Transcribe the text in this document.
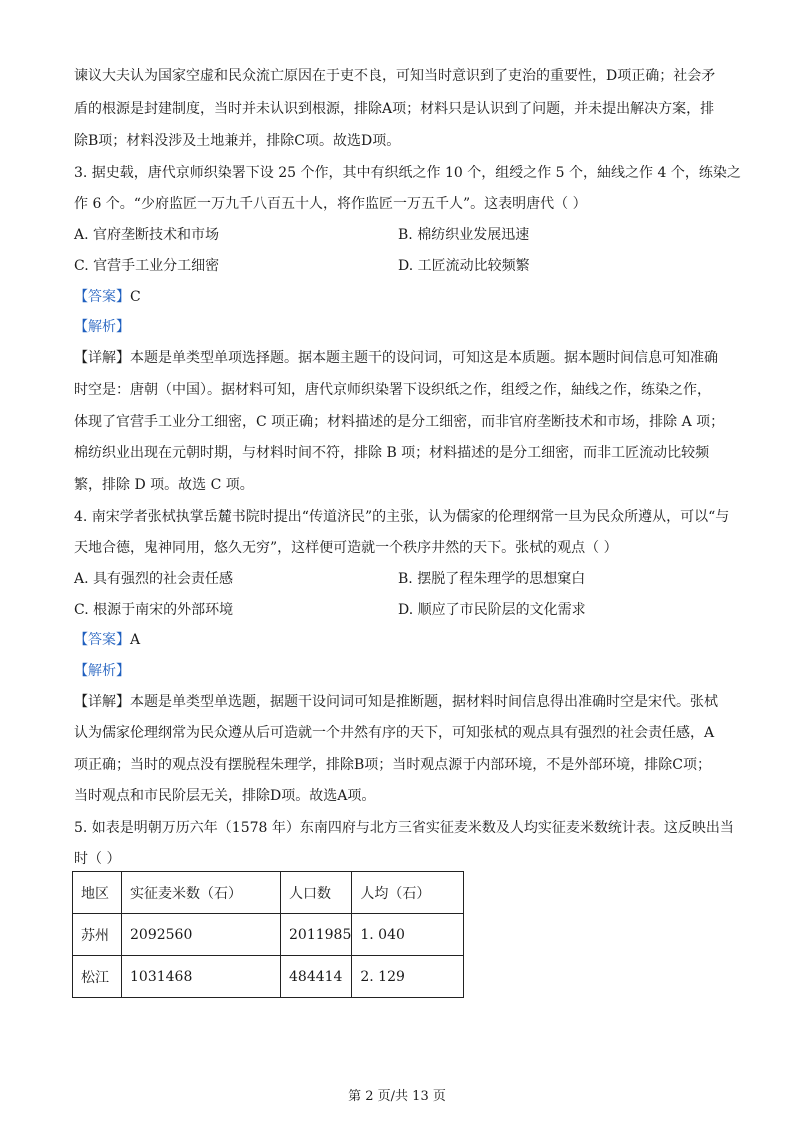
谏议大夫认为国家空虚和民众流亡原因在于吏不良，可知当时意识到了吏治的重要性，D项正确；社会矛
盾的根源是封建制度，当时并未认识到根源，排除A项；材料只是认识到了问题，并未提出解决方案，排
除B项；材料没涉及土地兼并，排除C项。故选D项。
3. 据史载，唐代京师织染署下设 25 个作，其中有织纸之作 10 个，组绶之作 5 个，紬线之作 4 个，练染之
作 6 个。“少府监匠一万九千八百五十人，将作监匠一万五千人”。这表明唐代（ ）
A. 官府垄断技术和市场	B. 棉纺织业发展迅速
C. 官营手工业分工细密	D. 工匠流动比较频繁
【答案】C
【解析】
【详解】本题是单类型单项选择题。据本题主题干的设问词，可知这是本质题。据本题时间信息可知准确
时空是：唐朝（中国）。据材料可知，唐代京师织染署下设织纸之作，组绶之作，紬线之作，练染之作，
体现了官营手工业分工细密，C 项正确；材料描述的是分工细密，而非官府垄断技术和市场，排除 A 项；
棉纺织业出现在元朝时期，与材料时间不符，排除 B 项；材料描述的是分工细密，而非工匠流动比较频
繁，排除 D 项。故选 C 项。
4. 南宋学者张栻执掌岳麓书院时提出“传道济民”的主张，认为儒家的伦理纲常一旦为民众所遵从，可以“与
天地合德，鬼神同用，悠久无穷”，这样便可造就一个秩序井然的天下。张栻的观点（ ）
A. 具有强烈的社会责任感	B. 摆脱了程朱理学的思想窠白
C. 根源于南宋的外部环境	D. 顺应了市民阶层的文化需求
【答案】A
【解析】
【详解】本题是单类型单选题，据题干设问词可知是推断题，据材料时间信息得出准确时空是宋代。张栻
认为儒家伦理纲常为民众遵从后可造就一个井然有序的天下，可知张栻的观点具有强烈的社会责任感，A
项正确；当时的观点没有摆脱程朱理学，排除B项；当时观点源于内部环境，不是外部环境，排除C项；
当时观点和市民阶层无关，排除D项。故选A项。
5. 如表是明朝万历六年（1578 年）东南四府与北方三省实征麦米数及人均实征麦米数统计表。这反映出当
时（ ）
地区	实征麦米数（石）	人口数	人均（石）
苏州	2092560	2011985	1. 040
松江	1031468	484414	2. 129
第 2 页/共 13 页
